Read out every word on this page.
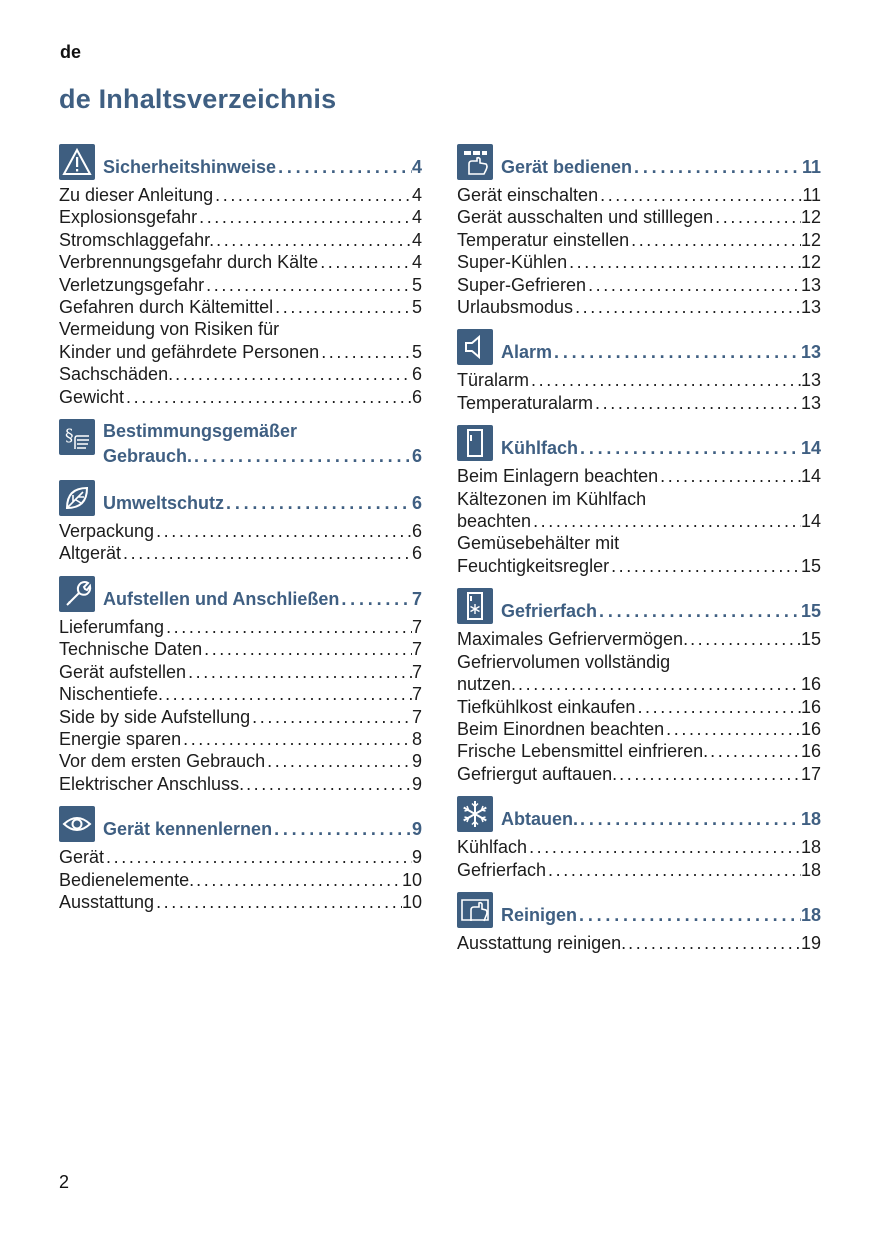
de
de Inhaltsverzeichnis
Sicherheitshinweise . . .	4
Zu dieser Anleitung . . .	4
Explosionsgefahr . . .	4
Stromschlaggefahr. . . .	4
Verbrennungsgefahr durch Kälte . . .	4
Verletzungsgefahr . . .	5
Gefahren durch Kältemittel . . .	5
Vermeidung von Risiken für
Kinder und gefährdete Personen . . .	5
Sachschäden. . . .	6
Gewicht . . .	6
§ Bestimmungsgemäßer
Gebrauch. . . .	6
Umweltschutz . . .	6
Verpackung . . .	6
Altgerät . . .	6
Aufstellen und Anschließen . . .	7
Lieferumfang . . .	7
Technische Daten . . .	7
Gerät aufstellen . . .	7
Nischentiefe. . . .	7
Side by side Aufstellung . . .	7
Energie sparen . . .	8
Vor dem ersten Gebrauch . . .	9
Elektrischer Anschluss. . . .	9
Gerät kennenlernen . . .	9
Gerät . . .	9
Bedienelemente. . . .	10
Ausstattung . . .	10
Gerät bedienen . . .	11
Gerät einschalten . . .	11
Gerät ausschalten und stilllegen . . .	12
Temperatur einstellen . . .	12
Super-Kühlen . . .	12
Super-Gefrieren . . .	13
Urlaubsmodus . . .	13
Alarm . . .	13
Türalarm . . .	13
Temperaturalarm . . .	13
Kühlfach . . .	14
Beim Einlagern beachten . . .	14
Kältezonen im Kühlfach
beachten . . .	14
Gemüsebehälter mit
Feuchtigkeitsregler . . .	15
Gefrierfach . . .	15
Maximales Gefriervermögen. . . .	15
Gefriervolumen vollständig
nutzen. . . .	16
Tiefkühlkost einkaufen . . .	16
Beim Einordnen beachten . . .	16
Frische Lebensmittel einfrieren. . . .	16
Gefriergut auftauen. . . .	17
Abtauen. . . .	18
Kühlfach . . .	18
Gefrierfach . . .	18
Reinigen . . .	18
Ausstattung reinigen. . . .	19
2
